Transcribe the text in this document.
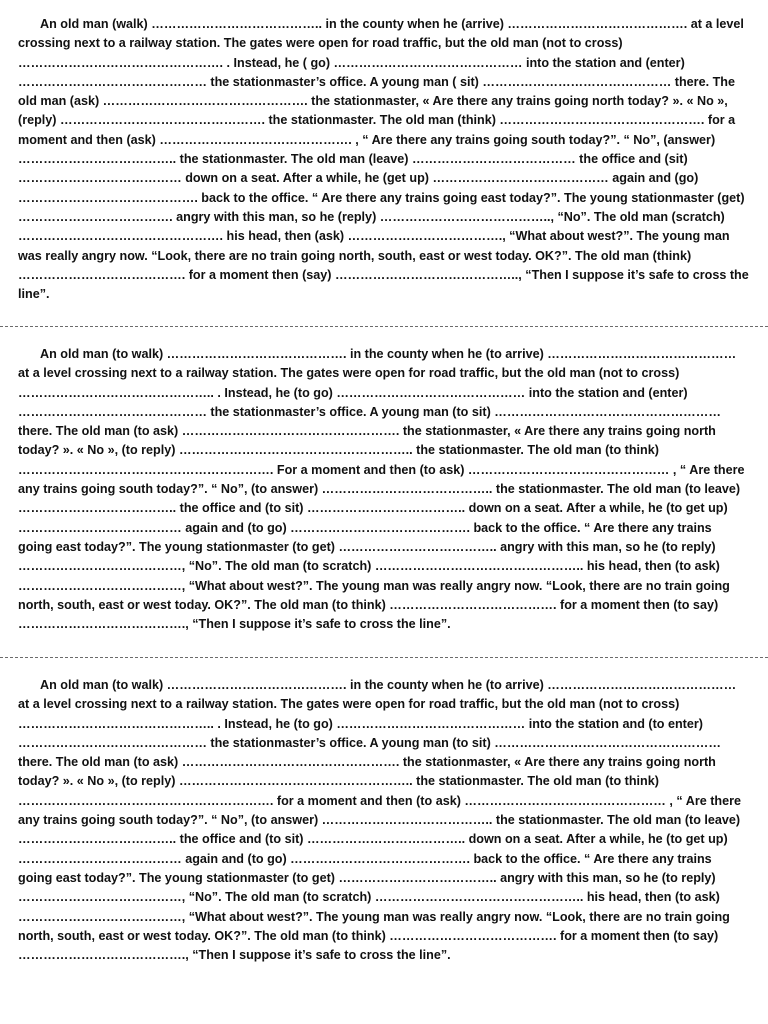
An old man (walk) ………………………………….. in the county when he (arrive) ……………………………………. at a level crossing next to a railway station. The gates were open for road traffic, but the old man (not to cross) …………………………………………. . Instead, he ( go) ……………………………………… into the station and (enter) ……………………………………… the stationmaster’s office. A young man ( sit) ……………………………………… there. The old man (ask) …………………………………………. the stationmaster, « Are there any trains going north today? ». « No », (reply) …………………………………………. the stationmaster. The old man (think) …………………………………………. for a moment and then (ask) ………………………………………. , “ Are there any trains going south today?”. “ No”, (answer) ……………………………….. the stationmaster. The old man (leave) ………………………………… the office and (sit) ………………………………… down on a seat. After a while, he (get up) …………………………………… again and (go) ……………………………………. back to the office. “ Are there any trains going east today?”. The young stationmaster (get) ………………………………. angry with this man, so he (reply) ………………………………….., “No”. The old man (scratch) …………………………………………. his head, then (ask) ………………………………., “What about west?”. The young man was really angry now. “Look, there are no train going north, south, east or west today. OK?”. The old man (think) …………………………………. for a moment then (say) …………………………………….., “Then I suppose it’s safe to cross the line”.

An old man (to walk) ……………………………………. in the county when he (to arrive) ……………………………………… at a level crossing next to a railway station. The gates were open for road traffic, but the old man (not to cross) ……………………………………….. . Instead, he (to go) ……………………………………… into the station and (enter) ……………………………………… the stationmaster’s office. A young man (to sit) ……………………………………………… there. The old man (to ask) ……………………………………………. the stationmaster, « Are there any trains going north today? ». « No », (to reply) ……………………………………………….. the stationmaster. The old man (to think) ……………………………………………………. For a moment and then (to ask) ………………………………………… , “ Are there any trains going south today?”. “ No”, (to answer) ………………………………….. the stationmaster. The old man (to leave) ……………………………….. the office and (to sit) ……………………………….. down on a seat. After a while, he (to get up) ………………………………… again and (to go) ……………………………………. back to the office. “ Are there any trains going east today?”. The young stationmaster (to get) ……………………………….. angry with this man, so he (to reply) …………………………………, “No”. The old man (to scratch) ………………………………………….. his head, then (to ask) …………………………………, “What about west?”. The young man was really angry now. “Look, there are no train going north, south, east or west today. OK?”. The old man (to think) …………………………………. for a moment then (to say) …………………………………., “Then I suppose it’s safe to cross the line”.

An old man (to walk) ……………………………………. in the county when he (to arrive) ……………………………………… at a level crossing next to a railway station. The gates were open for road traffic, but the old man (not to cross) ……………………………………….. . Instead, he (to go) ……………………………………… into the station and (to enter) ……………………………………… the stationmaster’s office. A young man (to sit) ……………………………………………… there. The old man (to ask) ……………………………………………. the stationmaster, « Are there any trains going north today? ». « No », (to reply) ……………………………………………….. the stationmaster. The old man (to think) ……………………………………………………. for a moment and then (to ask) ………………………………………… , “ Are there any trains going south today?”. “ No”, (to answer) ………………………………….. the stationmaster. The old man (to leave) ……………………………….. the office and (to sit) ……………………………….. down on a seat. After a while, he (to get up) ………………………………… again and (to go) ……………………………………. back to the office. “ Are there any trains going east today?”. The young stationmaster (to get) ……………………………….. angry with this man, so he (to reply) …………………………………, “No”. The old man (to scratch) ………………………………………….. his head, then (to ask) …………………………………, “What about west?”. The young man was really angry now. “Look, there are no train going north, south, east or west today. OK?”. The old man (to think) …………………………………. for a moment then (to say) …………………………………., “Then I suppose it’s safe to cross the line”.
